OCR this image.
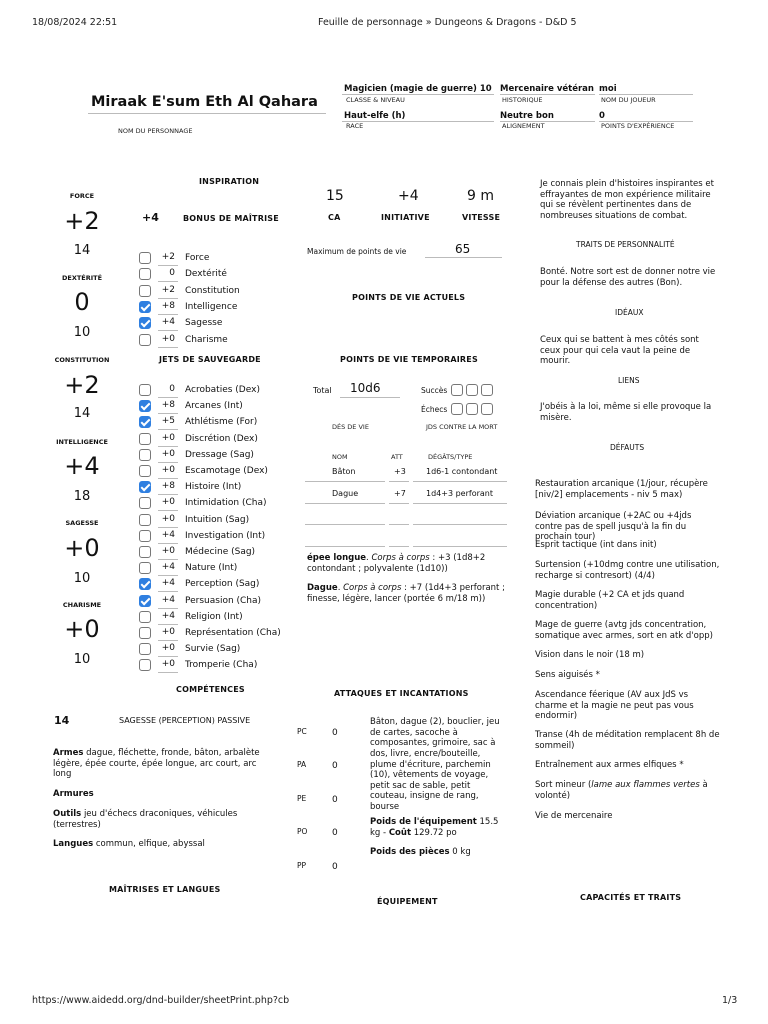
18/08/2024 22:51	Feuille de personnage » Dungeons & Dragons - D&D 5
https://www.aidedd.org/dnd-builder/sheetPrint.php?cb	1/3
Miraak E'sum Eth Al Qahara
NOM DU PERSONNAGE
Magicien (magie de guerre) 10
CLASSE & NIVEAU
Mercenaire vétéran
HISTORIQUE
moi
NOM DU JOUEUR
Haut-elfe (h)
RACE
Neutre bon
ALIGNEMENT
0
POINTS D'EXPÉRIENCE
FORCE
+2
14
DEXTÉRITÉ
0
10
CONSTITUTION
+2
14
INTELLIGENCE
+4
18
SAGESSE
+0
10
CHARISME
+0
10
INSPIRATION
+4	BONUS DE MAÎTRISE
+2 Force
0 Dextérité
+2 Constitution
+8 Intelligence
+4 Sagesse
+0 Charisme
JETS DE SAUVEGARDE
0 Acrobaties (Dex)
+8 Arcanes (Int)
+5 Athlétisme (For)
+0 Discrétion (Dex)
+0 Dressage (Sag)
+0 Escamotage (Dex)
+8 Histoire (Int)
+0 Intimidation (Cha)
+0 Intuition (Sag)
+4 Investigation (Int)
+0 Médecine (Sag)
+4 Nature (Int)
+4 Perception (Sag)
+4 Persuasion (Cha)
+4 Religion (Int)
+0 Représentation (Cha)
+0 Survie (Sag)
+0 Tromperie (Cha)
COMPÉTENCES
14	SAGESSE (PERCEPTION) PASSIVE
Armes dague, fléchette, fronde, bâton, arbalète légère, épée courte, épée longue, arc court, arc long
Armures
Outils jeu d'échecs draconiques, véhicules (terrestres)
Langues commun, elfique, abyssal
MAÎTRISES ET LANGUES
15
CA
+4
INITIATIVE
9 m
VITESSE
Maximum de points de vie	65
POINTS DE VIE ACTUELS
POINTS DE VIE TEMPORAIRES
Total 10d6
DÉS DE VIE
Succès
Échecs
JDS CONTRE LA MORT
NOM	ATT	DÉGÂTS/TYPE
Bâton	+3	1d6-1 contondant
Dague	+7	1d4+3 perforant
épee longue. Corps à corps : +3 (1d8+2 contondant ; polyvalente (1d10))
Dague. Corps à corps : +7 (1d4+3 perforant ; finesse, légère, lancer (portée 6 m/18 m))
ATTAQUES ET INCANTATIONS
PC	0
PA	0
PE	0
PO	0
PP	0
Bâton, dague (2), bouclier, jeu de cartes, sacoche à composantes, grimoire, sac à dos, livre, encre/bouteille, plume d'écriture, parchemin (10), vêtements de voyage, petit sac de sable, petit couteau, insigne de rang, bourse
Poids de l'équipement 15.5 kg - Coût 129.72 po
Poids des pièces 0 kg
ÉQUIPEMENT
Je connais plein d'histoires inspirantes et effrayantes de mon expérience militaire qui se révèlent pertinentes dans de nombreuses situations de combat.
TRAITS DE PERSONNALITÉ
Bonté. Notre sort est de donner notre vie pour la défense des autres (Bon).
IDÉAUX
Ceux qui se battent à mes côtés sont ceux pour qui cela vaut la peine de mourir.
LIENS
J'obéis à la loi, même si elle provoque la misère.
DÉFAUTS
Restauration arcanique (1/jour, récupère [niv/2] emplacements - niv 5 max)
Déviation arcanique (+2AC ou +4jds contre pas de spell jusqu'à la fin du prochain tour)
Esprit tactique (int dans init)
Surtension (+10dmg contre une utilisation, recharge si contresort) (4/4)
Magie durable (+2 CA et jds quand concentration)
Mage de guerre (avtg jds concentration, somatique avec armes, sort en atk d'opp)
Vision dans le noir (18 m)
Sens aiguisés *
Ascendance féerique (AV aux JdS vs charme et la magie ne peut pas vous endormir)
Transe (4h de méditation remplacent 8h de sommeil)
Entraînement aux armes elfiques *
Sort mineur (lame aux flammes vertes à volonté)
Vie de mercenaire
CAPACITÉS ET TRAITS
